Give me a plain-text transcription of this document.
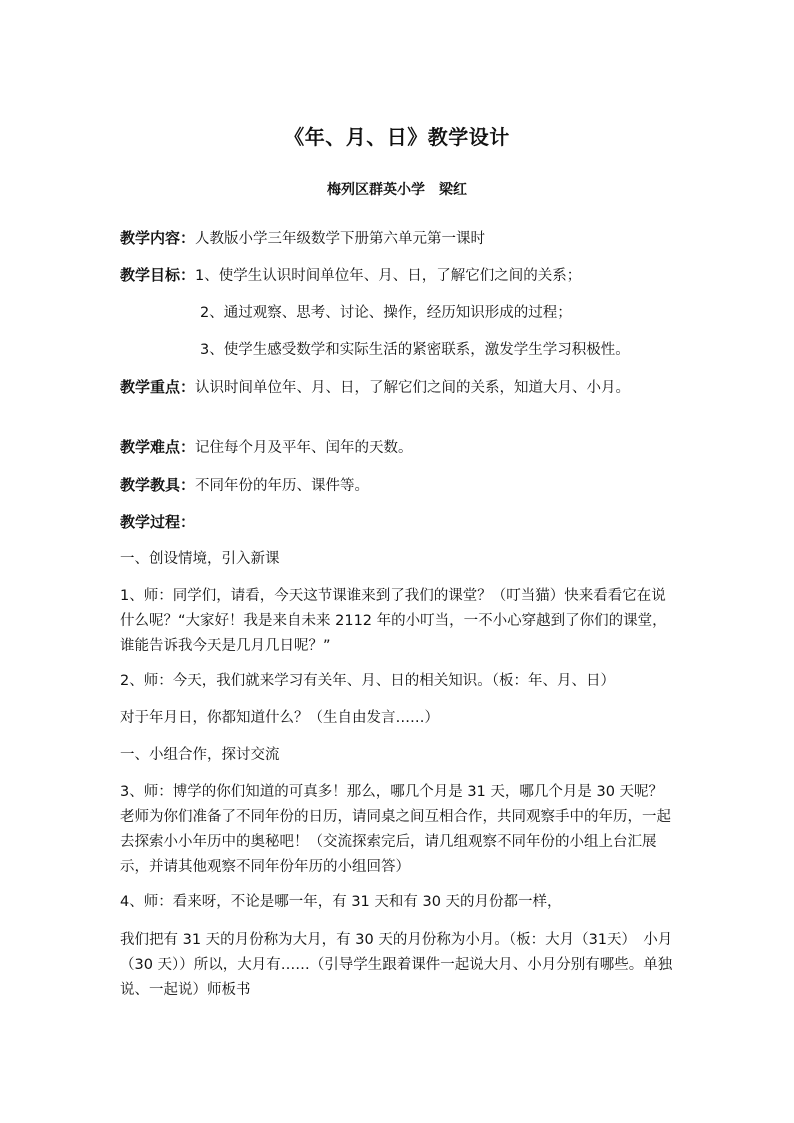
《年、月、日》教学设计
梅列区群英小学　梁红
教学内容：人教版小学三年级数学下册第六单元第一课时
教学目标：1、使学生认识时间单位年、月、日，了解它们之间的关系；
2、通过观察、思考、讨论、操作，经历知识形成的过程；
3、使学生感受数学和实际生活的紧密联系，激发学生学习积极性。
教学重点：认识时间单位年、月、日，了解它们之间的关系，知道大月、小月。
教学难点：记住每个月及平年、闰年的天数。
教学教具：不同年份的年历、课件等。
教学过程：
一、创设情境，引入新课
1、师：同学们，请看，今天这节课谁来到了我们的课堂？（叮当猫）快来看看它在说什么呢？“大家好！我是来自未来 2112 年的小叮当，一不小心穿越到了你们的课堂，谁能告诉我今天是几月几日呢？”
2、师：今天，我们就来学习有关年、月、日的相关知识。（板：年、月、日）
对于年月日，你都知道什么？（生自由发言……）
一、小组合作，探讨交流
3、师：博学的你们知道的可真多！那么，哪几个月是 31 天，哪几个月是 30 天呢？老师为你们准备了不同年份的日历，请同桌之间互相合作，共同观察手中的年历，一起去探索小小年历中的奥秘吧！（交流探索完后，请几组观察不同年份的小组上台汇展示，并请其他观察不同年份年历的小组回答）
4、师：看来呀，不论是哪一年，有 31 天和有 30 天的月份都一样，
我们把有 31 天的月份称为大月，有 30 天的月份称为小月。（板：大月（31天）　小月（30 天））所以，大月有……（引导学生跟着课件一起说大月、小月分别有哪些。单独说、一起说）师板书
